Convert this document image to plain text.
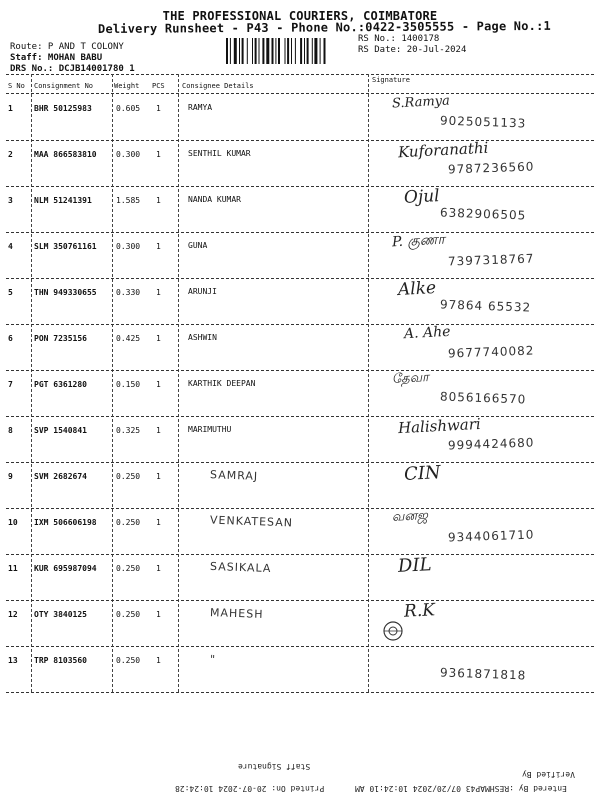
THE PROFESSIONAL COURIERS, COIMBATORE
Delivery Runsheet - P43 - Phone No.:0422-3505555 - Page No.:1
Route: P AND T COLONY
Staff: MOHAN BABU
DRS No.: DCJB14001780 1
RS No.: 1400178
RS Date: 20-Jul-2024
S No Consignment No	Weight PCS Consignee Details
Signature
1	BHR 50125983	0.605 1	RAMYA	S.Ramya
9025051133
2	MAA 866583810 0.300 1	SENTHIL KUMAR	Kuforanathi
9787236560
3	NLM 51241391	1.585 1	NANDA KUMAR	Ojul
6382906505
4	SLM 350761161 0.300 1	GUNA	P. குணா
7397318767
5	THN 949330655 0.330 1	ARUNJI	Alke
97864 65532
6	PON 7235156	0.425 1	ASHWIN	A. Ahe
9677740082
7	PGT 6361280	0.150 1	KARTHIK DEEPAN	தேவா
8056166570
8	SVP 1540841	0.325 1	MARIMUTHU	Halishwari
9994424680
9	SVM 2682674	0.250 1	SAMRAJ	CIN
10 IXM 506606198 0.250 1	VENKATESAN	வனஜ
9344061710
11 KUR 695987094 0.250 1	SASIKALA	DIL
12 OTY 3840125	0.250 1	MAHESH	R.K
13 TRP 8103560	0.250 1	"
9361871818
Staff Signature
Verified By
Printed On: 20-07-2024 10:24:28	Entered By :RESHMAP43 07/20/2024 10:24:10 AM
